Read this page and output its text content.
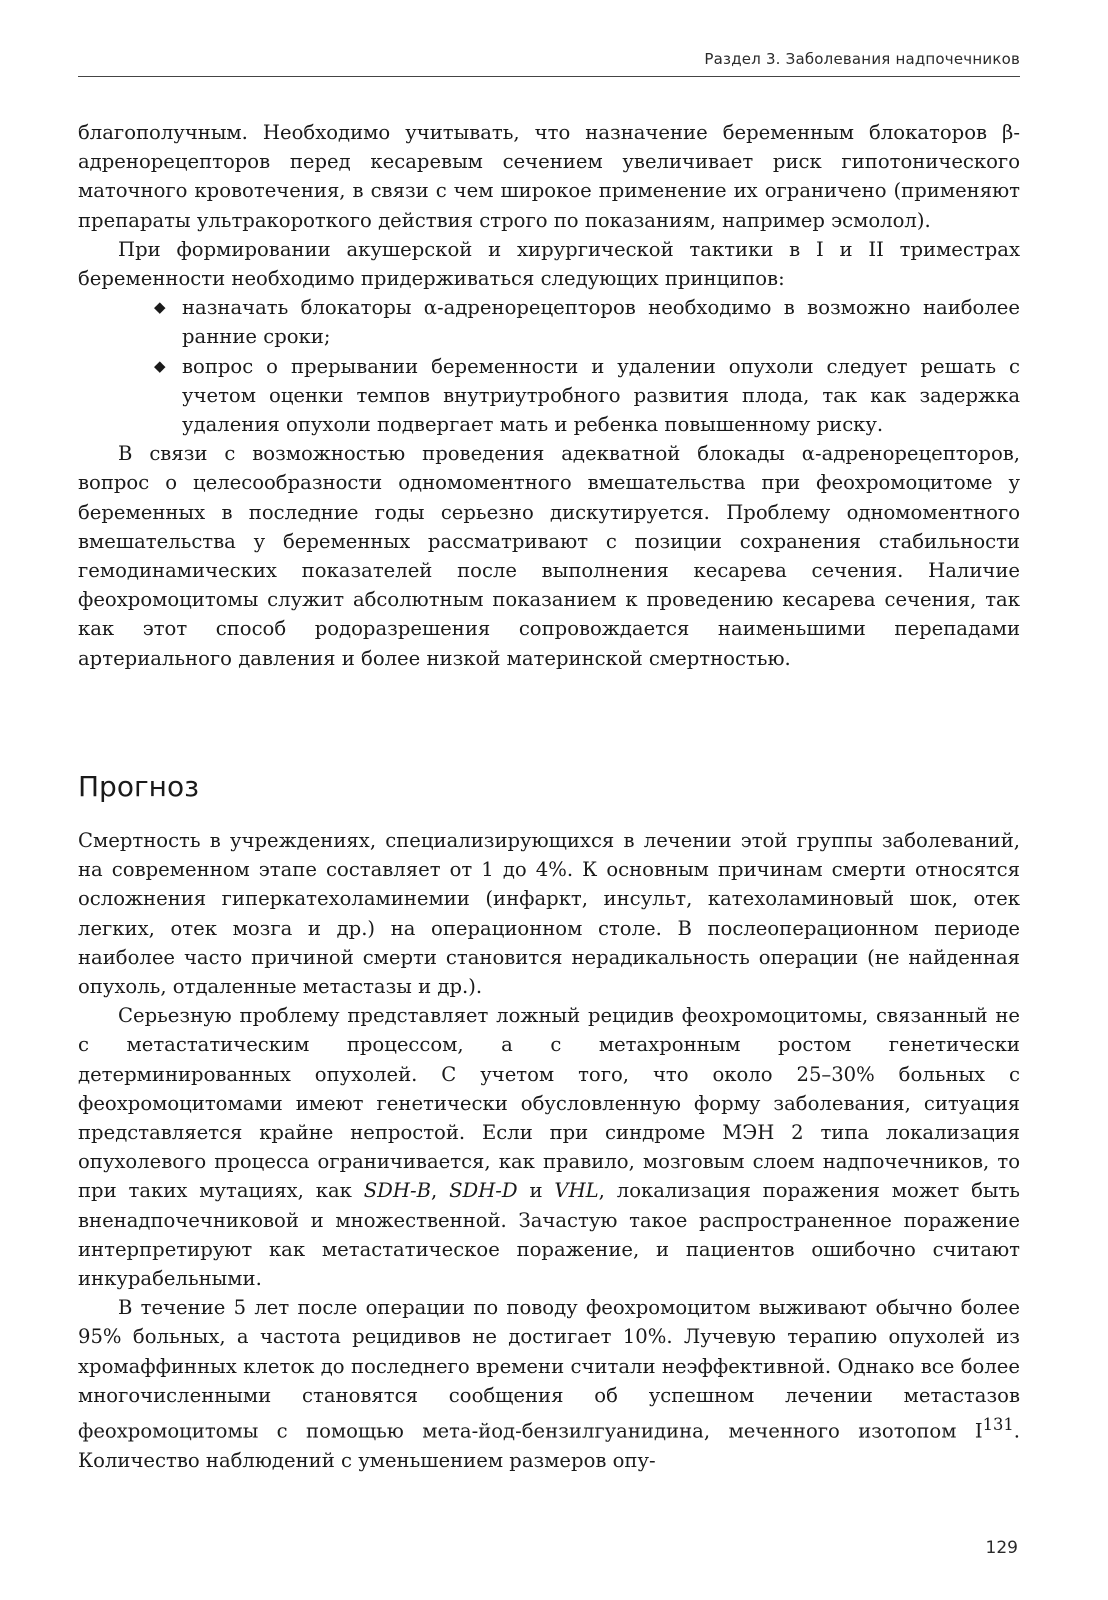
Раздел 3. Заболевания надпочечников

благополучным. Необходимо учитывать, что назначение беременным блокаторов β-адренорецепторов перед кесаревым сечением увеличивает риск гипотонического маточного кровотечения, в связи с чем широкое применение их ограничено (применяют препараты ультракороткого действия строго по показаниям, например эсмолол).

При формировании акушерской и хирургической тактики в I и II триместрах беременности необходимо придерживаться следующих принципов:

◆ назначать блокаторы α-адренорецепторов необходимо в возможно наиболее ранние сроки;
◆ вопрос о прерывании беременности и удалении опухоли следует решать с учетом оценки темпов внутриутробного развития плода, так как задержка удаления опухоли подвергает мать и ребенка повышенному риску.

В связи с возможностью проведения адекватной блокады α-адренорецепторов, вопрос о целесообразности одномоментного вмешательства при феохромоцитоме у беременных в последние годы серьезно дискутируется. Проблему одномоментного вмешательства у беременных рассматривают с позиции сохранения стабильности гемодинамических показателей после выполнения кесарева сечения. Наличие феохромоцитомы служит абсолютным показанием к проведению кесарева сечения, так как этот способ родоразрешения сопровождается наименьшими перепадами артериального давления и более низкой материнской смертностью.

Прогноз

Смертность в учреждениях, специализирующихся в лечении этой группы заболеваний, на современном этапе составляет от 1 до 4%. К основным причинам смерти относятся осложнения гиперкатехоламинемии (инфаркт, инсульт, катехоламиновый шок, отек легких, отек мозга и др.) на операционном столе. В послеоперационном периоде наиболее часто причиной смерти становится нерадикальность операции (не найденная опухоль, отдаленные метастазы и др.).

Серьезную проблему представляет ложный рецидив феохромоцитомы, связанный не с метастатическим процессом, а с метахронным ростом генетически детерминированных опухолей. С учетом того, что около 25–30% больных с феохромоцитомами имеют генетически обусловленную форму заболевания, ситуация представляется крайне непростой. Если при синдроме МЭН 2 типа локализация опухолевого процесса ограничивается, как правило, мозговым слоем надпочечников, то при таких мутациях, как SDH-B, SDH-D и VHL, локализация поражения может быть вненадпочечниковой и множественной. Зачастую такое распространенное поражение интерпретируют как метастатическое поражение, и пациентов ошибочно считают инкурабельными.

В течение 5 лет после операции по поводу феохромоцитом выживают обычно более 95% больных, а частота рецидивов не достигает 10%. Лучевую терапию опухолей из хромаффинных клеток до последнего времени считали неэффективной. Однако все более многочисленными становятся сообщения об успешном лечении метастазов феохромоцитомы с помощью мета-йод-бензилгуанидина, меченного изотопом $I^{131}$. Количество наблюдений с уменьшением размеров опу-

129
